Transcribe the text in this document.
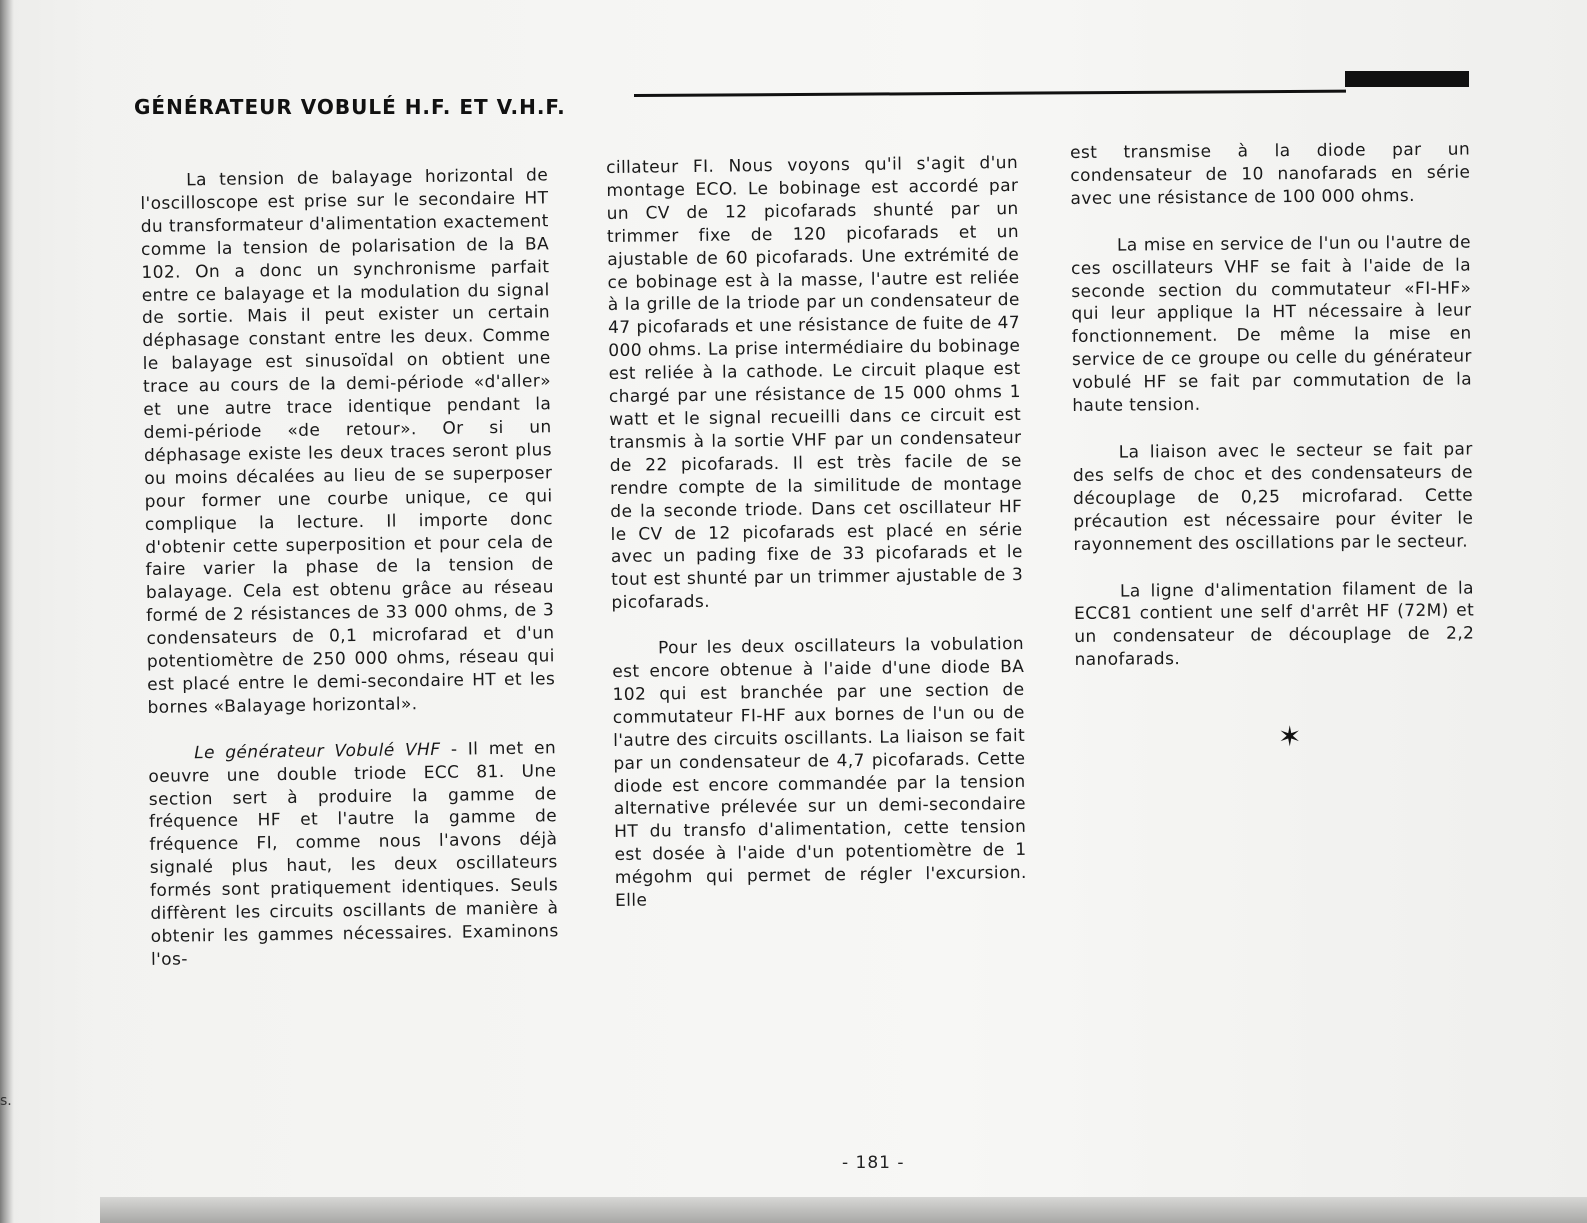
s.
GÉNÉRATEUR VOBULÉ H.F. ET V.H.F.

La tension de balayage horizontal de l'oscilloscope est prise sur le secondaire HT du transformateur d'alimentation exactement comme la tension de polarisation de la BA 102. On a donc un synchronisme parfait entre ce balayage et la modulation du signal de sortie. Mais il peut exister un certain déphasage constant entre les deux. Comme le balayage est sinusoïdal on obtient une trace au cours de la demi-période «d'aller» et une autre trace identique pendant la demi-période «de retour». Or si un déphasage existe les deux traces seront plus ou moins décalées au lieu de se superposer pour former une courbe unique, ce qui complique la lecture. Il importe donc d'obtenir cette superposition et pour cela de faire varier la phase de la tension de balayage. Cela est obtenu grâce au réseau formé de 2 résistances de 33 000 ohms, de 3 condensateurs de 0,1 microfarad et d'un potentiomètre de 250 000 ohms, réseau qui est placé entre le demi-secondaire HT et les bornes «Balayage horizontal».

Le générateur Vobulé VHF - Il met en oeuvre une double triode ECC 81. Une section sert à produire la gamme de fréquence HF et l'autre la gamme de fréquence FI, comme nous l'avons déjà signalé plus haut, les deux oscillateurs formés sont pratiquement identiques. Seuls diffèrent les circuits oscillants de manière à obtenir les gammes nécessaires. Examinons l'os-

cillateur FI. Nous voyons qu'il s'agit d'un montage ECO. Le bobinage est accordé par un CV de 12 picofarads shunté par un trimmer fixe de 120 picofarads et un ajustable de 60 picofarads. Une extrémité de ce bobinage est à la masse, l'autre est reliée à la grille de la triode par un condensateur de 47 picofarads et une résistance de fuite de 47 000 ohms. La prise intermédiaire du bobinage est reliée à la cathode. Le circuit plaque est chargé par une résistance de 15 000 ohms 1 watt et le signal recueilli dans ce circuit est transmis à la sortie VHF par un condensateur de 22 picofarads. Il est très facile de se rendre compte de la similitude de montage de la seconde triode. Dans cet oscillateur HF le CV de 12 picofarads est placé en série avec un pading fixe de 33 picofarads et le tout est shunté par un trimmer ajustable de 3 picofarads.

Pour les deux oscillateurs la vobulation est encore obtenue à l'aide d'une diode BA 102 qui est branchée par une section de commutateur FI-HF aux bornes de l'un ou de l'autre des circuits oscillants. La liaison se fait par un condensateur de 4,7 picofarads. Cette diode est encore commandée par la tension alternative prélevée sur un demi-secondaire HT du transfo d'alimentation, cette tension est dosée à l'aide d'un potentiomètre de 1 mégohm qui permet de régler l'excursion. Elle

est transmise à la diode par un condensateur de 10 nanofarads en série avec une résistance de 100 000 ohms.

La mise en service de l'un ou l'autre de ces oscillateurs VHF se fait à l'aide de la seconde section du commutateur «FI-HF» qui leur applique la HT nécessaire à leur fonctionnement. De même la mise en service de ce groupe ou celle du générateur vobulé HF se fait par commutation de la haute tension.

La liaison avec le secteur se fait par des selfs de choc et des condensateurs de découplage de 0,25 microfarad. Cette précaution est nécessaire pour éviter le rayonnement des oscillations par le secteur.

La ligne d'alimentation filament de la ECC81 contient une self d'arrêt HF (72M) et un condensateur de découplage de 2,2 nanofarads.

✶
- 181 -
